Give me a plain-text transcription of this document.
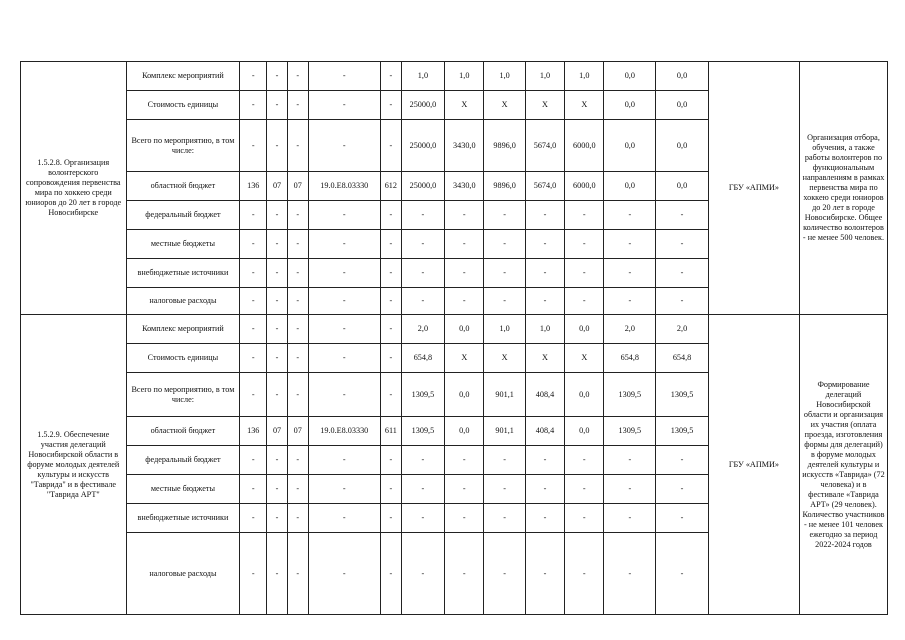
1.5.2.8. Организация волонтерского сопровождения первенства мира по хоккею среди юниоров до 20 лет в городе Новосибирске	Комплекс мероприятий	-	-	-	-	-	1,0	1,0	1,0	1,0	1,0	0,0	0,0	ГБУ «АПМИ»	Организация отбора, обучения, а также работы волонтеров по функциональным направлениям в рамках первенства мира по хоккею среди юниоров до 20 лет в городе Новосибирске. Общее количество волонтеров - не менее 500 человек.
	Стоимость единицы	-	-	-	-	-	25000,0	Х	Х	Х	Х	0,0	0,0		
	Всего по мероприятию, в том числе:	-	-	-	-	-	25000,0	3430,0	9896,0	5674,0	6000,0	0,0	0,0		
	областной бюджет	136	07	07	19.0.E8.03330	612	25000,0	3430,0	9896,0	5674,0	6000,0	0,0	0,0		
	федеральный бюджет	-	-	-	-	-	-	-	-	-	-	-	-		
	местные бюджеты	-	-	-	-	-	-	-	-	-	-	-	-		
	внебюджетные источники	-	-	-	-	-	-	-	-	-	-	-	-		
	налоговые расходы	-	-	-	-	-	-	-	-	-	-	-	-		
1.5.2.9. Обеспечение участия делегаций Новосибирской области в форуме молодых деятелей культуры и искусств "Таврида" и в фестивале "Таврида АРТ"	Комплекс мероприятий	-	-	-	-	-	2,0	0,0	1,0	1,0	0,0	2,0	2,0	ГБУ «АПМИ»	Формирование делегаций Новосибирской области и организация их участия (оплата проезда, изготовления формы для делегаций) в форуме молодых деятелей культуры и искусств «Таврида» (72 человека) и в фестивале «Таврида АРТ» (29 человек). Количество участников - не менее 101 человек ежегодно за период 2022-2024 годов
	Стоимость единицы	-	-	-	-	-	654,8	Х	Х	Х	Х	654,8	654,8		
	Всего по мероприятию, в том числе:	-	-	-	-	-	1309,5	0,0	901,1	408,4	0,0	1309,5	1309,5		
	областной бюджет	136	07	07	19.0.E8.03330	611	1309,5	0,0	901,1	408,4	0,0	1309,5	1309,5		
	федеральный бюджет	-	-	-	-	-	-	-	-	-	-	-	-		
	местные бюджеты	-	-	-	-	-	-	-	-	-	-	-	-		
	внебюджетные источники	-	-	-	-	-	-	-	-	-	-	-	-		
	налоговые расходы	-	-	-	-	-	-	-	-	-	-	-	-		
